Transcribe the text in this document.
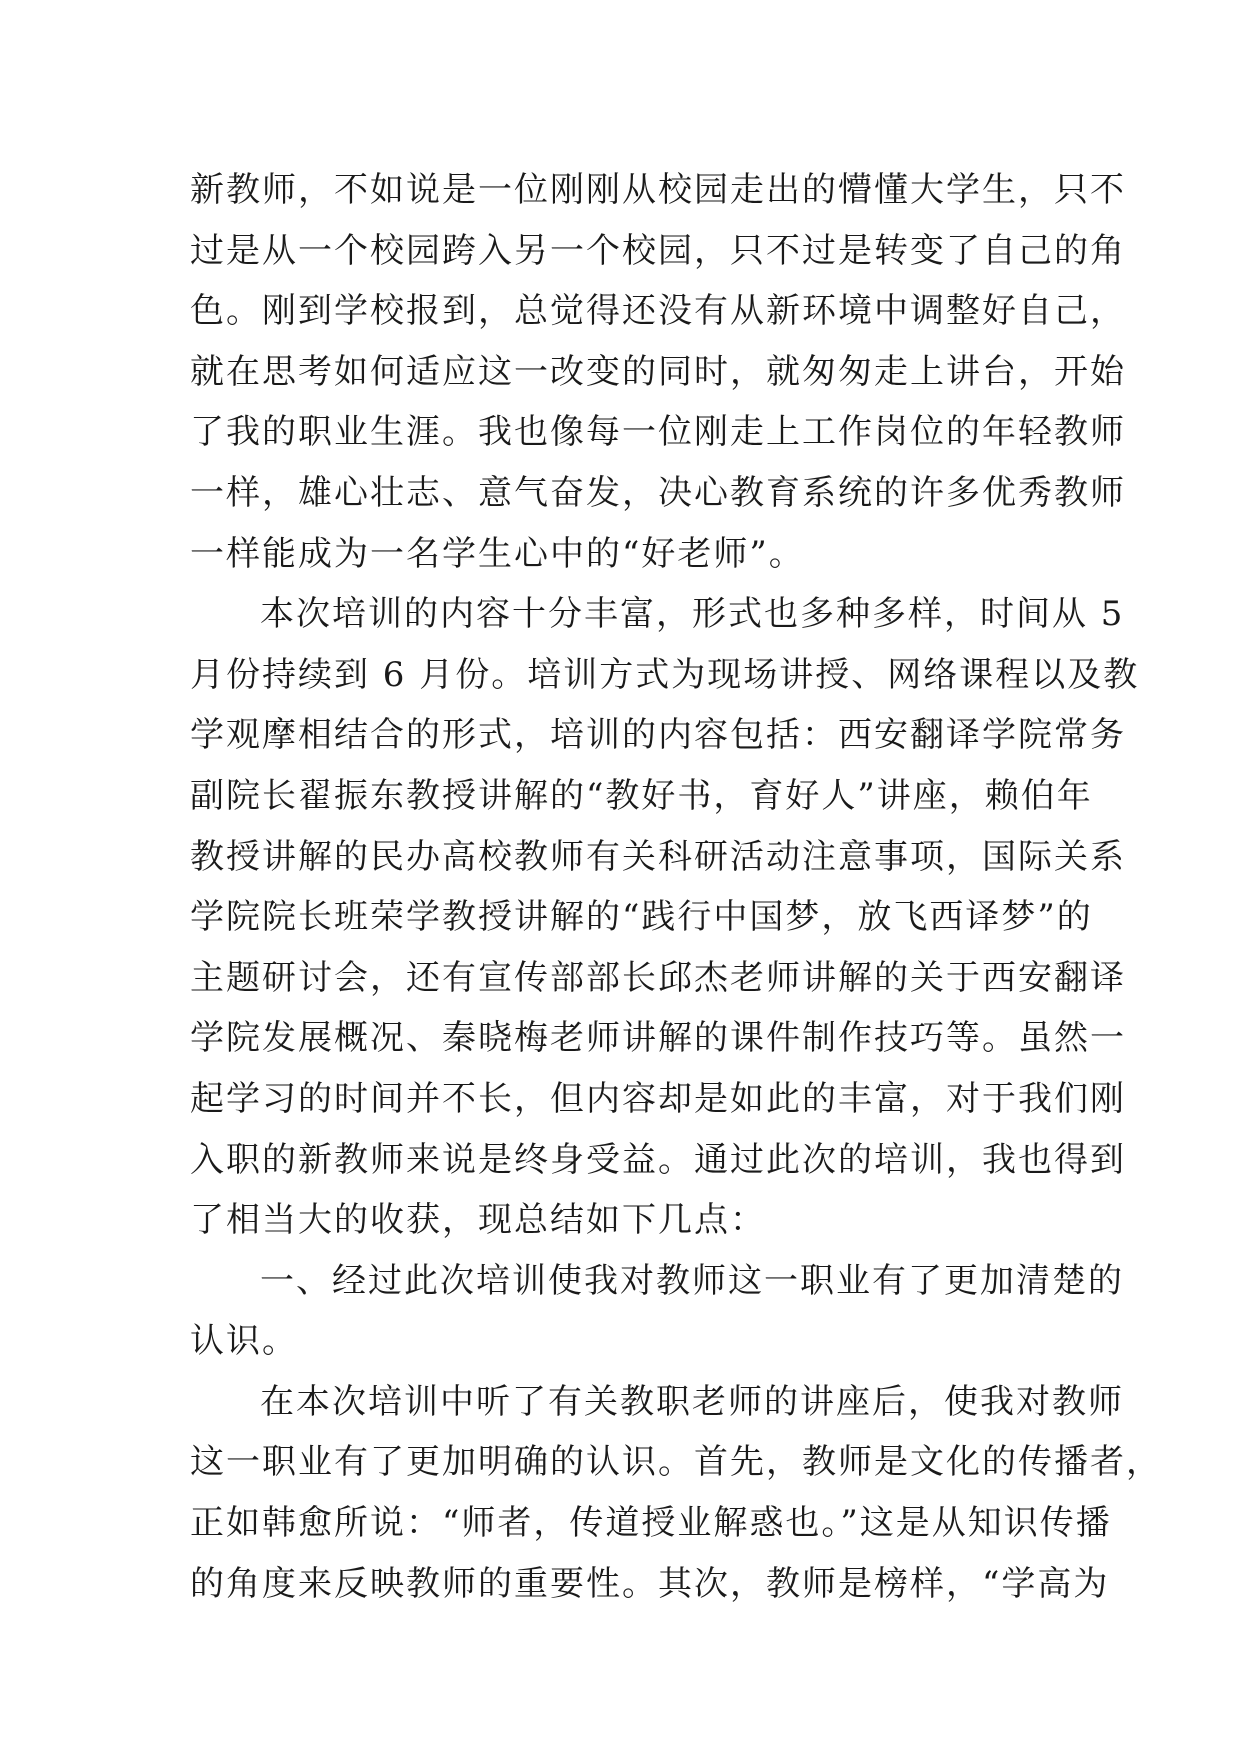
新教师，不如说是一位刚刚从校园走出的懵懂大学生，只不
过是从一个校园跨入另一个校园，只不过是转变了自己的角
色。刚到学校报到，总觉得还没有从新环境中调整好自己，
就在思考如何适应这一改变的同时，就匆匆走上讲台，开始
了我的职业生涯。我也像每一位刚走上工作岗位的年轻教师
一样，雄心壮志、意气奋发，决心教育系统的许多优秀教师
一样能成为一名学生心中的“好老师”。
本次培训的内容十分丰富，形式也多种多样，时间从 5
月份持续到 6 月份。培训方式为现场讲授、网络课程以及教
学观摩相结合的形式，培训的内容包括：西安翻译学院常务
副院长翟振东教授讲解的“教好书，育好人”讲座，赖伯年
教授讲解的民办高校教师有关科研活动注意事项，国际关系
学院院长班荣学教授讲解的“践行中国梦，放飞西译梦”的
主题研讨会，还有宣传部部长邱杰老师讲解的关于西安翻译
学院发展概况、秦晓梅老师讲解的课件制作技巧等。虽然一
起学习的时间并不长，但内容却是如此的丰富，对于我们刚
入职的新教师来说是终身受益。通过此次的培训，我也得到
了相当大的收获，现总结如下几点：
一、经过此次培训使我对教师这一职业有了更加清楚的
认识。
在本次培训中听了有关教职老师的讲座后，使我对教师
这一职业有了更加明确的认识。首先，教师是文化的传播者，
正如韩愈所说：“师者，传道授业解惑也。”这是从知识传播
的角度来反映教师的重要性。其次，教师是榜样，“学高为
